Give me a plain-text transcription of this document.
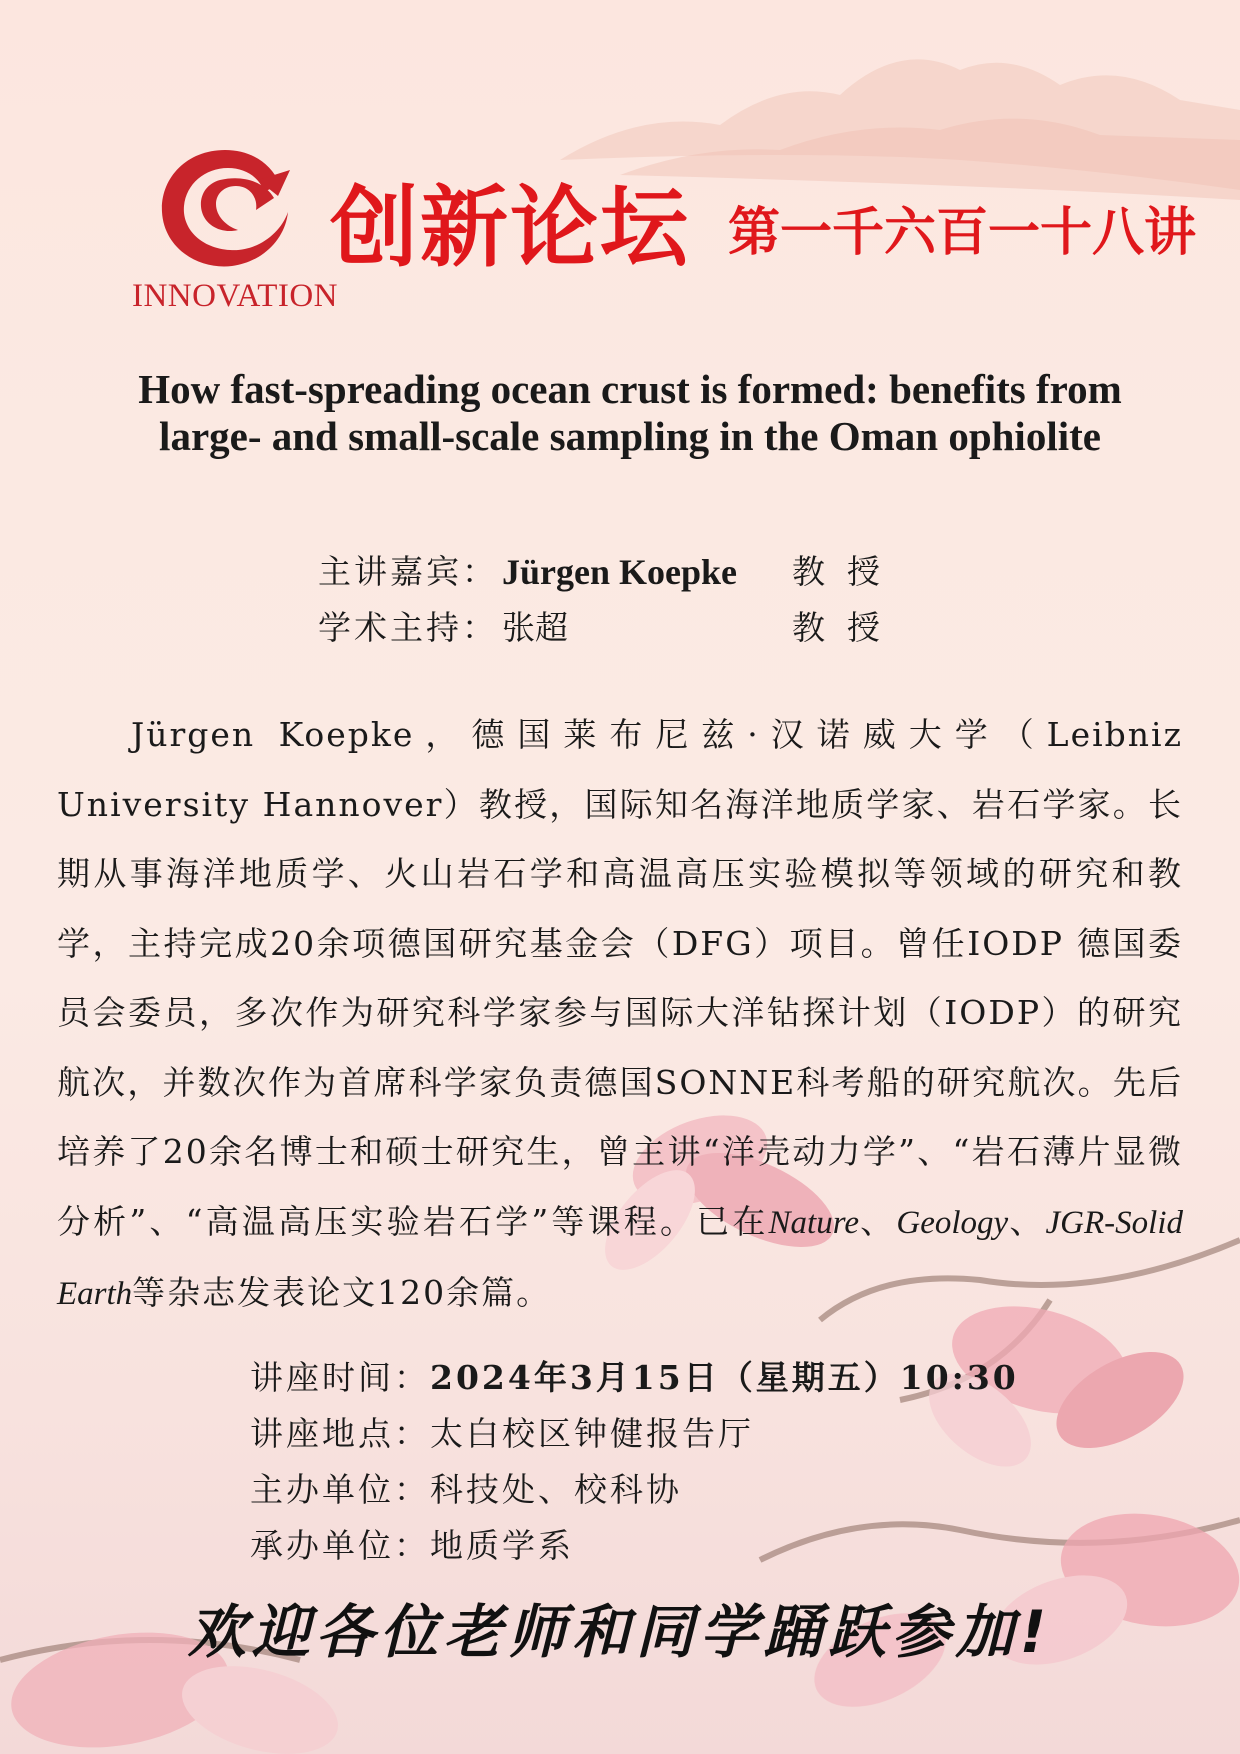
INNOVATION
创新论坛 第一千六百一十八讲
How fast-spreading ocean crust is formed: benefits from
large- and small-scale sampling in the Oman ophiolite
主讲嘉宾： Jürgen Koepke	教授
学术主持： 张超	教授
Jürgen Koepke，德国莱布尼兹·汉诺威大学（Leibniz University Hannover）教授，国际知名海洋地质学家、岩石学家。长期从事海洋地质学、火山岩石学和高温高压实验模拟等领域的研究和教学，主持完成20余项德国研究基金会（DFG）项目。曾任IODP 德国委员会委员，多次作为研究科学家参与国际大洋钻探计划（IODP）的研究航次，并数次作为首席科学家负责德国SONNE科考船的研究航次。先后培养了20余名博士和硕士研究生，曾主讲“洋壳动力学”、“岩石薄片显微分析”、“高温高压实验岩石学”等课程。已在Nature、Geology、JGR-Solid Earth等杂志发表论文120余篇。
讲座时间：2024年3月15日（星期五）10:30
讲座地点：太白校区钟健报告厅
主办单位：科技处、校科协
承办单位：地质学系
欢迎各位老师和同学踊跃参加!
